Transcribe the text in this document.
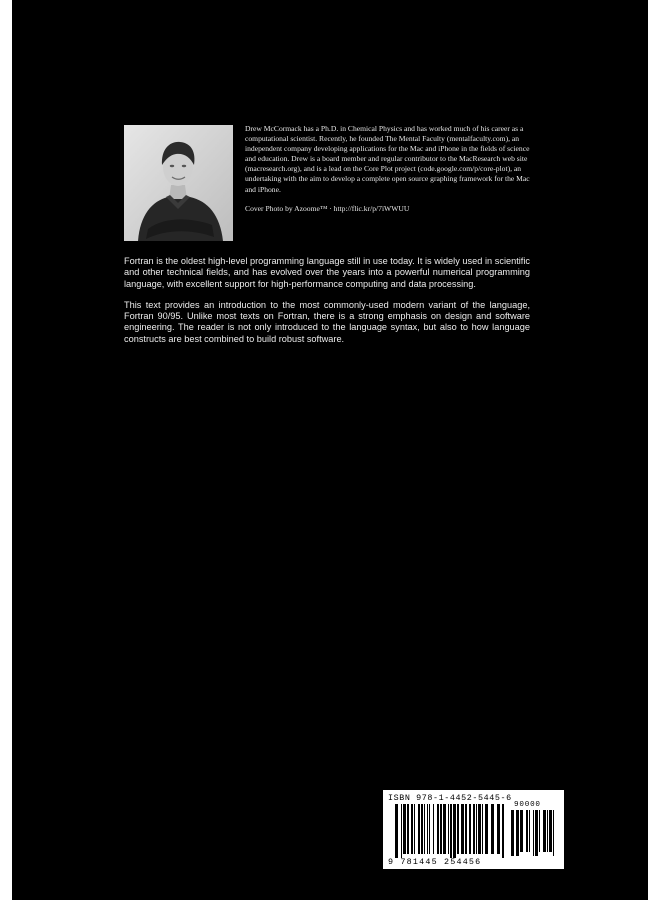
Drew McCormack has a Ph.D. in Chemical Physics and has worked much of his career as a computational scientist. Recently, he founded The Mental Faculty (mentalfaculty.com), an independent company developing applications for the Mac and iPhone in the fields of science and education. Drew is a board member and regular contributor to the MacResearch web site (macresearch.org), and is a lead on the Core Plot project (code.google.com/p/core-plot), an undertaking with the aim to develop a complete open source graphing framework for the Mac and iPhone.

Cover Photo by Azoome™ · http://flic.kr/p/7iWWUU

Fortran is the oldest high-level programming language still in use today. It is widely used in scientific and other technical fields, and has evolved over the years into a powerful numerical programming language, with excellent support for high-performance computing and data processing.

This text provides an introduction to the most commonly-used modern variant of the language, Fortran 90/95. Unlike most texts on Fortran, there is a strong emphasis on design and software engineering. The reader is not only introduced to the language syntax, but also to how language constructs are best combined to build robust software.

ISBN 978-1-4452-5445-6
90000
9 781445 254456
